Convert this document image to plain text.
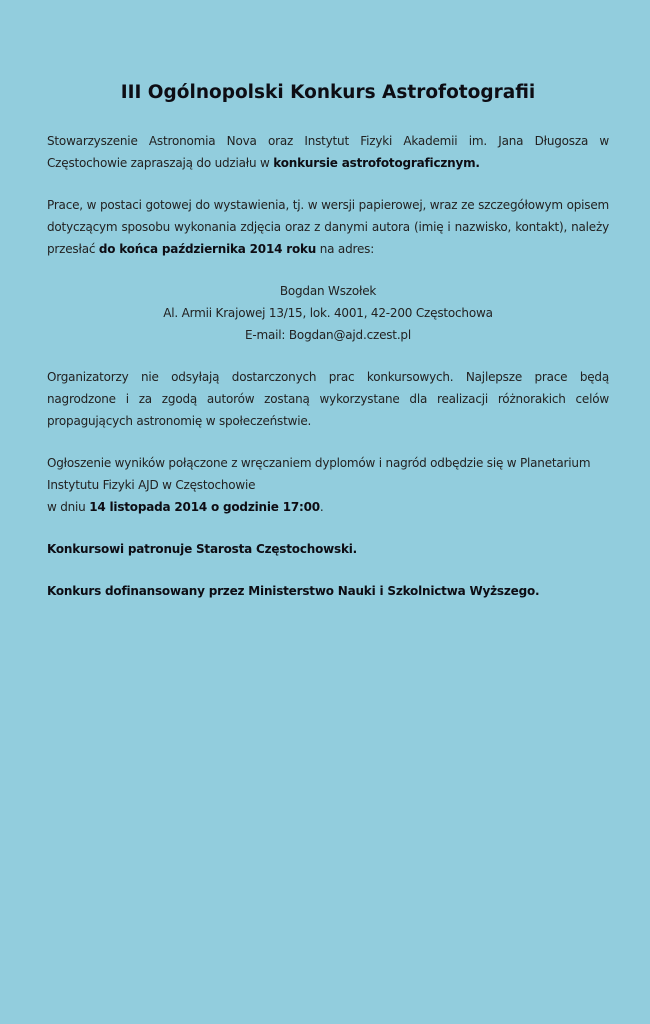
III Ogólnopolski Konkurs Astrofotografii

Stowarzyszenie Astronomia Nova oraz Instytut Fizyki Akademii im. Jana Długosza w Częstochowie zapraszają do udziału w konkursie astrofotograficznym.

Prace, w postaci gotowej do wystawienia, tj. w wersji papierowej, wraz ze szczegółowym opisem dotyczącym sposobu wykonania zdjęcia oraz z danymi autora (imię i nazwisko, kontakt), należy przesłać do końca października 2014 roku na adres:

Bogdan Wszołek
Al. Armii Krajowej 13/15, lok. 4001, 42-200 Częstochowa
E-mail: Bogdan@ajd.czest.pl

Organizatorzy nie odsyłają dostarczonych prac konkursowych. Najlepsze prace będą nagrodzone i za zgodą autorów zostaną wykorzystane dla realizacji różnorakich celów propagujących astronomię w społeczeństwie.

Ogłoszenie wyników połączone z wręczaniem dyplomów i nagród odbędzie się w Planetarium
Instytutu Fizyki AJD w Częstochowie
w dniu 14 listopada 2014 o godzinie 17:00.

Konkursowi patronuje Starosta Częstochowski.
Konkurs dofinansowany przez Ministerstwo Nauki i Szkolnictwa Wyższego.
